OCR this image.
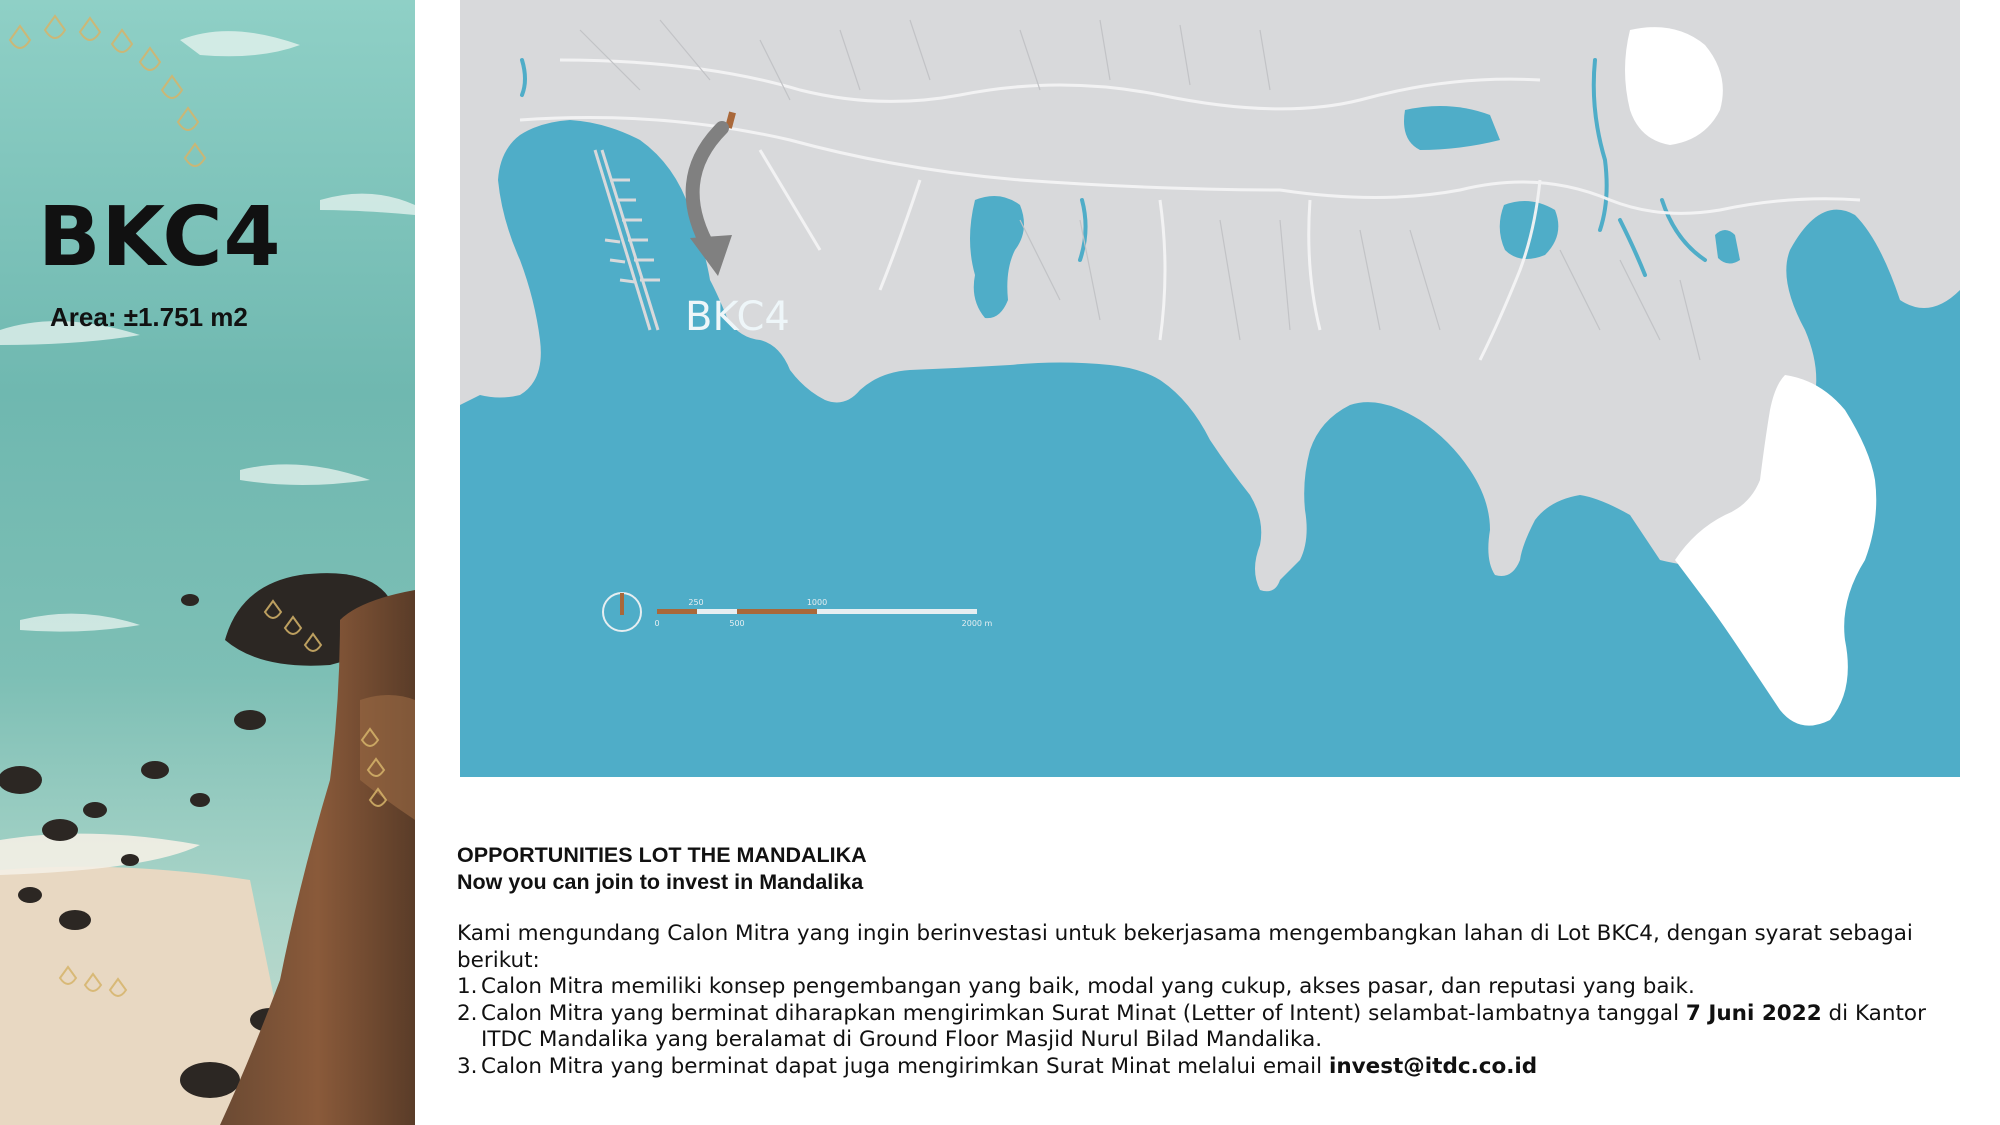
BKC4
Area: ±1.751 m2	BKC4
250	1000
0	500	2000 m
OPPORTUNITIES LOT THE MANDALIKA
Now you can join to invest in Mandalika
Kami mengundang Calon Mitra yang ingin berinvestasi untuk bekerjasama mengembangkan lahan di Lot BKC4, dengan syarat sebagai berikut:
1. Calon Mitra memiliki konsep pengembangan yang baik, modal yang cukup, akses pasar, dan reputasi yang baik.
2. Calon Mitra yang berminat diharapkan mengirimkan Surat Minat (Letter of Intent) selambat-lambatnya tanggal 7 Juni 2022 di Kantor ITDC Mandalika yang beralamat di Ground Floor Masjid Nurul Bilad Mandalika.
3. Calon Mitra yang berminat dapat juga mengirimkan Surat Minat melalui email invest@itdc.co.id
